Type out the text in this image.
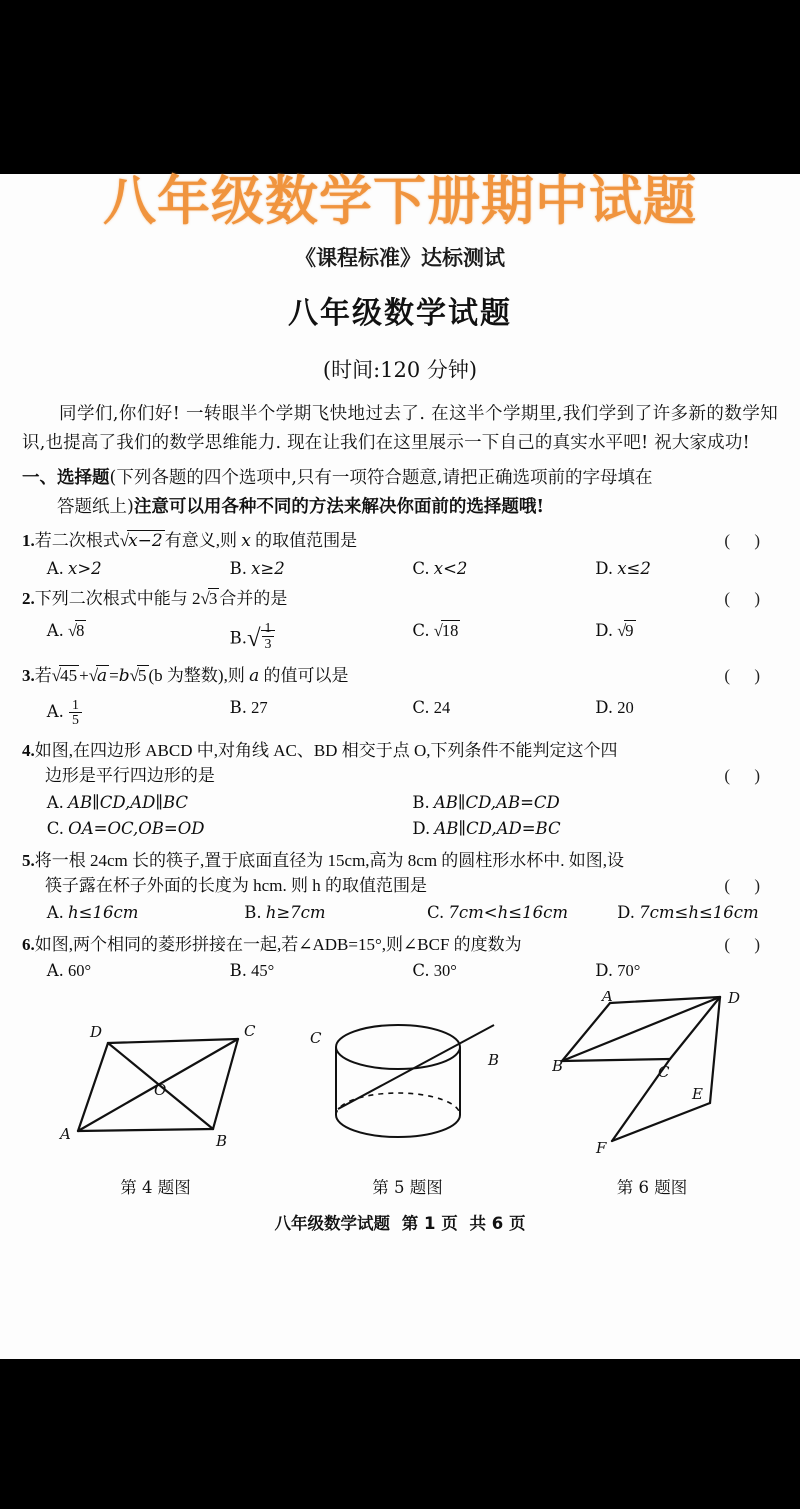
八年级数学下册期中试题
《课程标准》达标测试
八年级数学试题
(时间:120 分钟)
同学们,你们好! 一转眼半个学期飞快地过去了. 在这半个学期里,我们学到了许多新的数学知识,也提高了我们的数学思维能力. 现在让我们在这里展示一下自己的真实水平吧! 祝大家成功!
一、选择题(下列各题的四个选项中,只有一项符合题意,请把正确选项前的字母填在
答题纸上)注意可以用各种不同的方法来解决你面前的选择题哦!
1.若二次根式√x−2 有意义,则 x 的取值范围是	( )
A. x>2	B. x≥2	C. x<2	D. x≤2
2.下列二次根式中能与 2√3 合并的是	( )
A. √8	$B.√ \frac{1}{3}$	C. √18	D. √9
3.若√45 +√a =b√5 (b 为整数),则 a 的值可以是	( )
A. $\frac{1}{5}$	B. 27	C. 24	D. 20
4.如图,在四边形 ABCD 中,对角线 AC、BD 相交于点 O,下列条件不能判定这个四
边形是平行四边形的是	( )
A. AB∥CD,AD∥BC	B. AB∥CD,AB=CD
C. OA=OC,OB=OD	D. AB∥CD,AD=BC
5.将一根 24cm 长的筷子,置于底面直径为 15cm,高为 8cm 的圆柱形水杯中. 如图,设
筷子露在杯子外面的长度为 hcm. 则 h 的取值范围是	( )
A. h≤16cm	B. h≥7cm	C. 7cm<h≤16cm	D. 7cm≤h≤16cm
6.如图,两个相同的菱形拼接在一起,若∠ADB=15°,则∠BCF 的度数为	( )
A. 60°	B. 45°	C. 30°	D. 70°
A	B
C
D
O
第 4 题图
C
B
第 5 题图
A
B	C
D
E
F
第 6 题图
八年级数学试题 第 1 页 共 6 页
